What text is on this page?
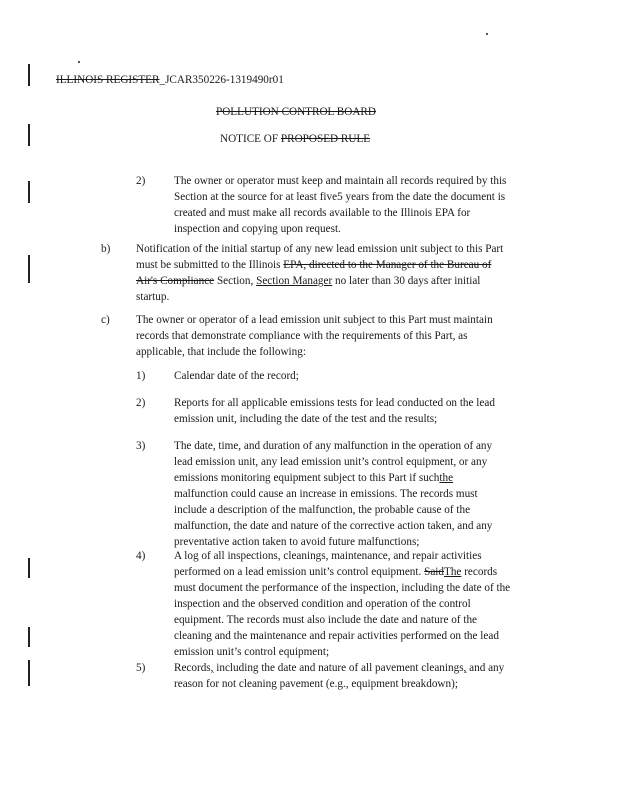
ILLINOIS REGISTER_JCAR350226-1319490r01
POLLUTION CONTROL BOARD
NOTICE OF PROPOSED RULE
2)	The owner or operator must keep and maintain all records required by this
Section at the source for at least five5 years from the date the document is
created and must make all records available to the Illinois EPA for
inspection and copying upon request.
b) Notification of the initial startup of any new lead emission unit subject to this Part
must be submitted to the Illinois EPA, directed to the Manager of the Bureau of
Air's Compliance Section, Section Manager no later than 30 days after initial
startup.
c) The owner or operator of a lead emission unit subject to this Part must maintain
records that demonstrate compliance with the requirements of this Part, as
applicable, that include the following:
1)	Calendar date of the record;
2)	Reports for all applicable emissions tests for lead conducted on the lead
emission unit, including the date of the test and the results;
3)	The date, time, and duration of any malfunction in the operation of any
lead emission unit, any lead emission unit’s control equipment, or any
emissions monitoring equipment subject to this Part if suchthe
malfunction could cause an increase in emissions. The records must
include a description of the malfunction, the probable cause of the
malfunction, the date and nature of the corrective action taken, and any
preventative action taken to avoid future malfunctions;
4)	A log of all inspections, cleanings, maintenance, and repair activities
performed on a lead emission unit’s control equipment. SaidThe records
must document the performance of the inspection, including the date of the
inspection and the observed condition and operation of the control
equipment. The records must also include the date and nature of the
cleaning and the maintenance and repair activities performed on the lead
emission unit’s control equipment;
5)	Records, including the date and nature of all pavement cleanings, and any
reason for not cleaning pavement (e.g., equipment breakdown);
